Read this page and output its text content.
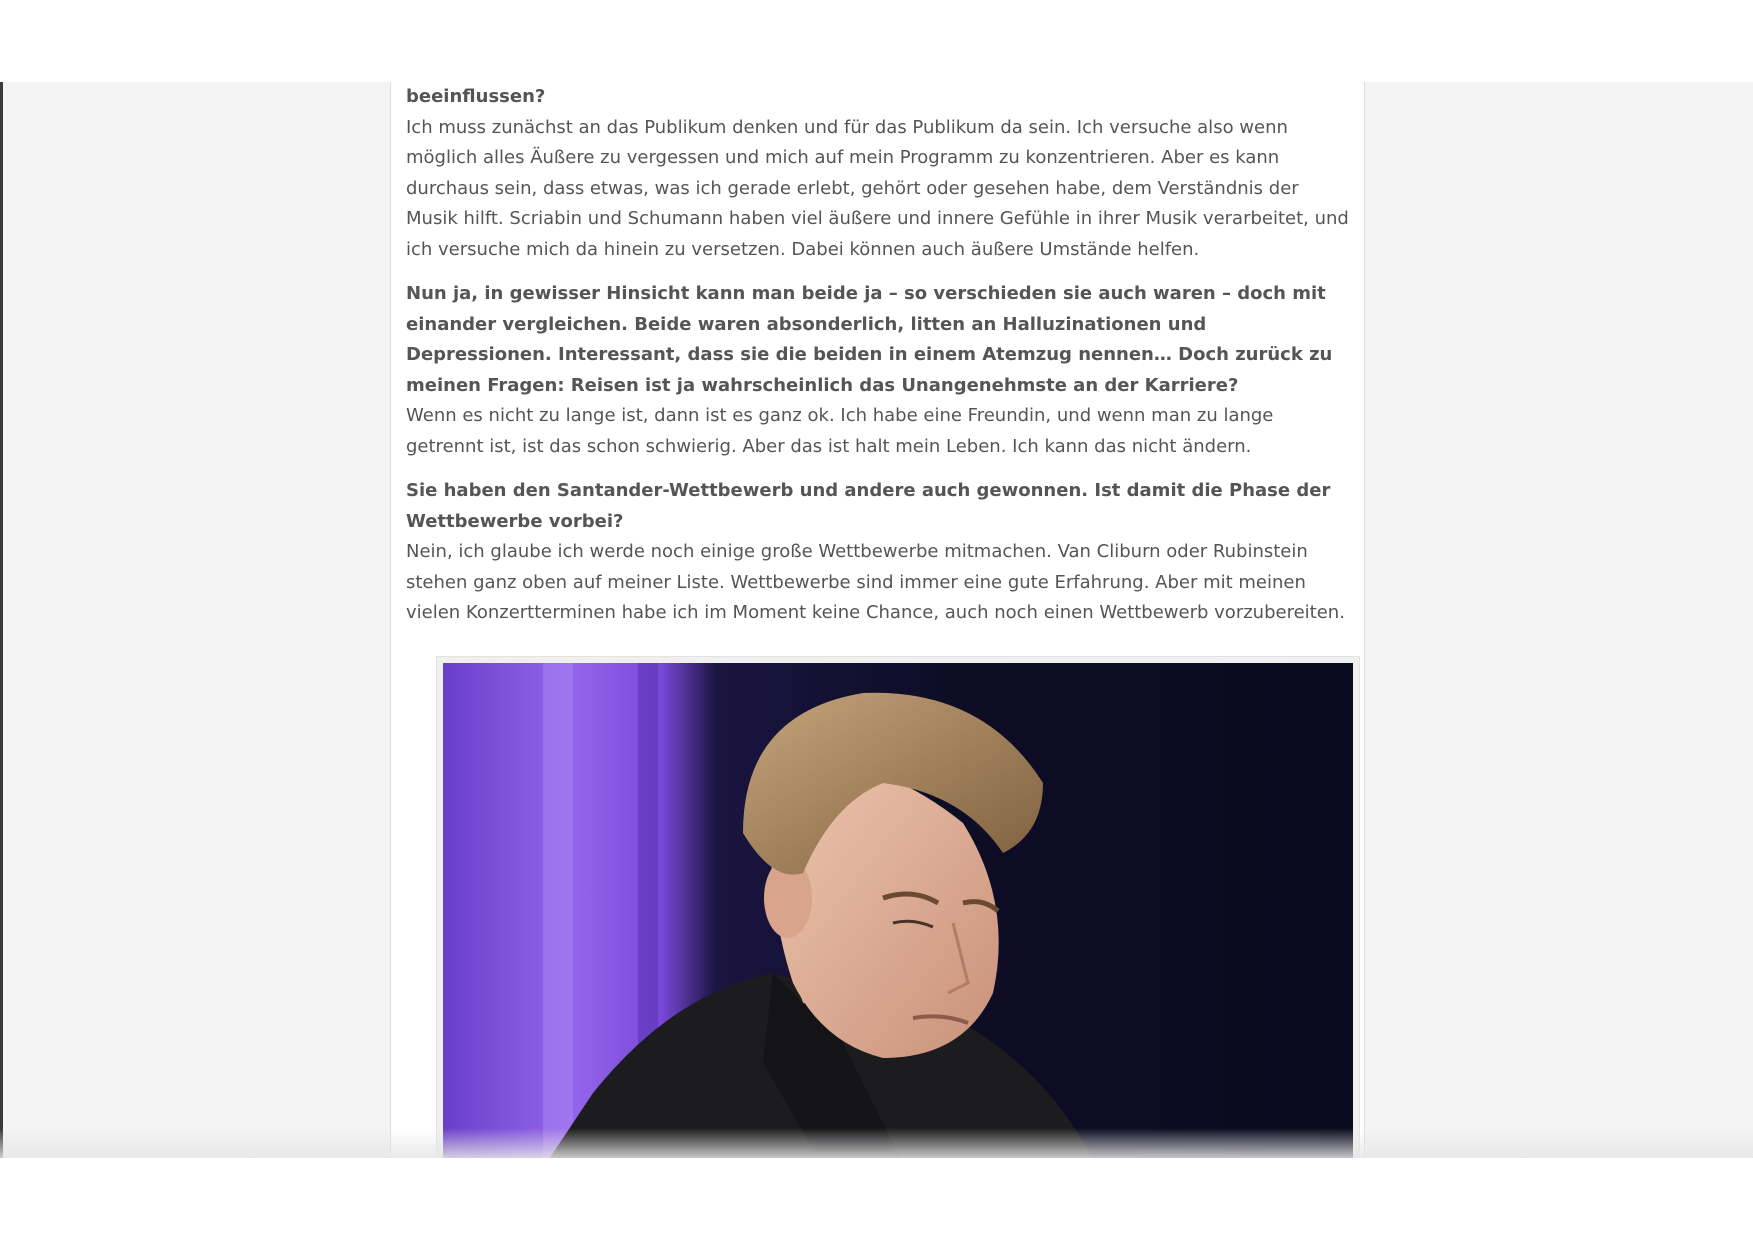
beeinflussen?
Ich muss zunächst an das Publikum denken und für das Publikum da sein. Ich versuche also wenn möglich alles Äußere zu vergessen und mich auf mein Programm zu konzentrieren. Aber es kann durchaus sein, dass etwas, was ich gerade erlebt, gehört oder gesehen habe, dem Verständnis der Musik hilft. Scriabin und Schumann haben viel äußere und innere Gefühle in ihrer Musik verarbeitet, und ich versuche mich da hinein zu versetzen. Dabei können auch äußere Umstände helfen.

Nun ja, in gewisser Hinsicht kann man beide ja – so verschieden sie auch waren – doch mit einander vergleichen. Beide waren absonderlich, litten an Halluzinationen und Depressionen. Interessant, dass sie die beiden in einem Atemzug nennen… Doch zurück zu meinen Fragen: Reisen ist ja wahrscheinlich das Unangenehmste an der Karriere?
Wenn es nicht zu lange ist, dann ist es ganz ok. Ich habe eine Freundin, und wenn man zu lange getrennt ist, ist das schon schwierig. Aber das ist halt mein Leben. Ich kann das nicht ändern.

Sie haben den Santander-Wettbewerb und andere auch gewonnen. Ist damit die Phase der Wettbewerbe vorbei?
Nein, ich glaube ich werde noch einige große Wettbewerbe mitmachen. Van Cliburn oder Rubinstein stehen ganz oben auf meiner Liste. Wettbewerbe sind immer eine gute Erfahrung. Aber mit meinen vielen Konzertterminen habe ich im Moment keine Chance, auch noch einen Wettbewerb vorzubereiten.
